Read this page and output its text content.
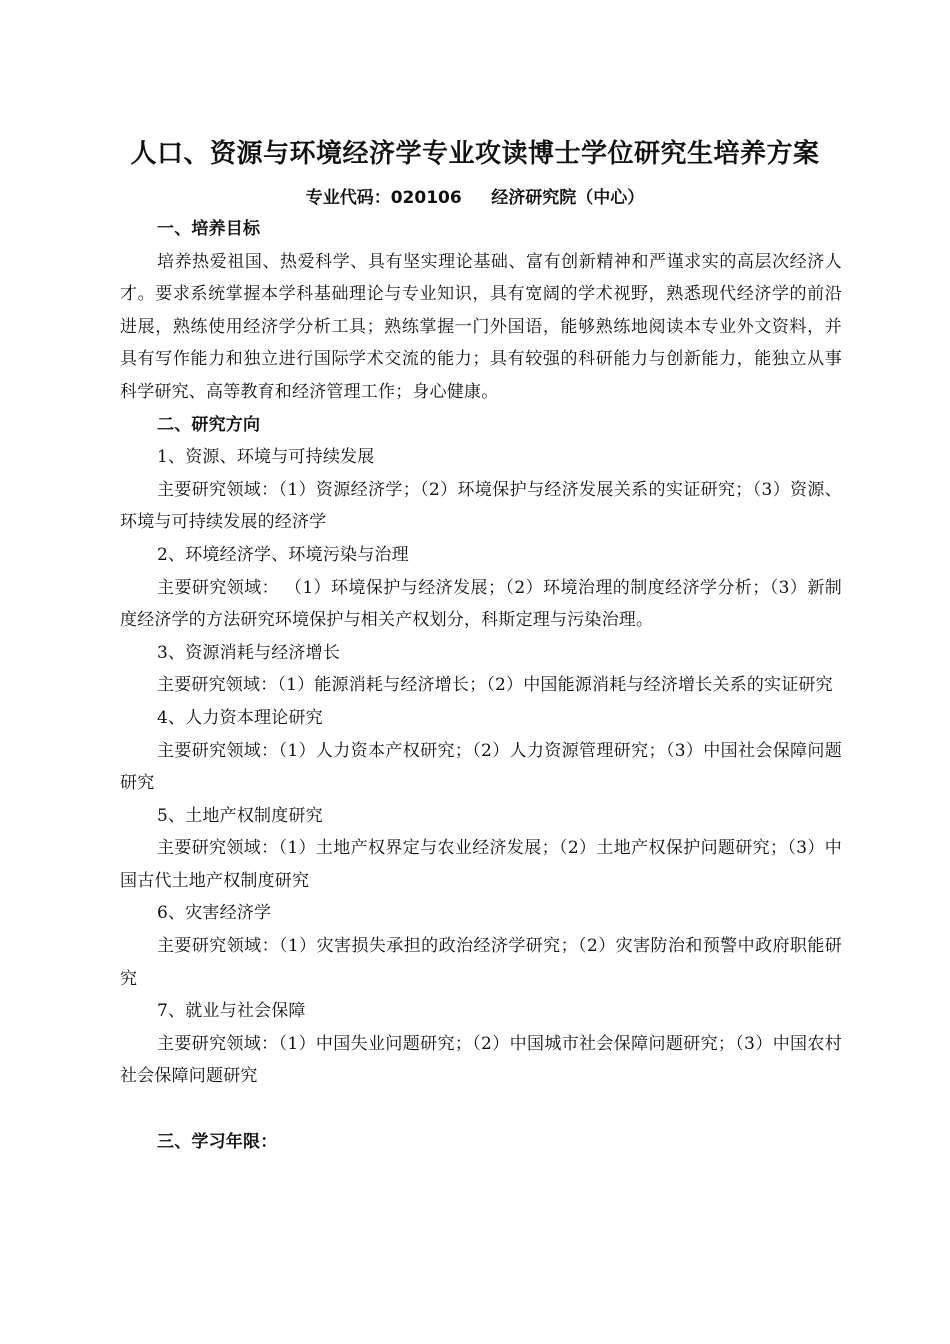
人口、资源与环境经济学专业攻读博士学位研究生培养方案
专业代码：020106     经济研究院（中心）

一、培养目标

培养热爱祖国、热爱科学、具有坚实理论基础、富有创新精神和严谨求实的高层次经济人才。要求系统掌握本学科基础理论与专业知识，具有宽阔的学术视野，熟悉现代经济学的前沿进展，熟练使用经济学分析工具；熟练掌握一门外国语，能够熟练地阅读本专业外文资料，并具有写作能力和独立进行国际学术交流的能力；具有较强的科研能力与创新能力，能独立从事科学研究、高等教育和经济管理工作；身心健康。

二、研究方向

1、资源、环境与可持续发展

主要研究领域：（1）资源经济学；（2）环境保护与经济发展关系的实证研究；（3）资源、环境与可持续发展的经济学

2、环境经济学、环境污染与治理

主要研究领域： （1）环境保护与经济发展；（2）环境治理的制度经济学分析；（3）新制度经济学的方法研究环境保护与相关产权划分，科斯定理与污染治理。

3、资源消耗与经济增长

主要研究领域：（1）能源消耗与经济增长；（2）中国能源消耗与经济增长关系的实证研究

4、人力资本理论研究

主要研究领域：（1）人力资本产权研究；（2）人力资源管理研究；（3）中国社会保障问题研究

5、土地产权制度研究

主要研究领域：（1）土地产权界定与农业经济发展；（2）土地产权保护问题研究；（3）中国古代土地产权制度研究

6、灾害经济学

主要研究领域：（1）灾害损失承担的政治经济学研究；（2）灾害防治和预警中政府职能研究

7、就业与社会保障

主要研究领域：（1）中国失业问题研究；（2）中国城市社会保障问题研究；（3）中国农村社会保障问题研究

三、学习年限：
